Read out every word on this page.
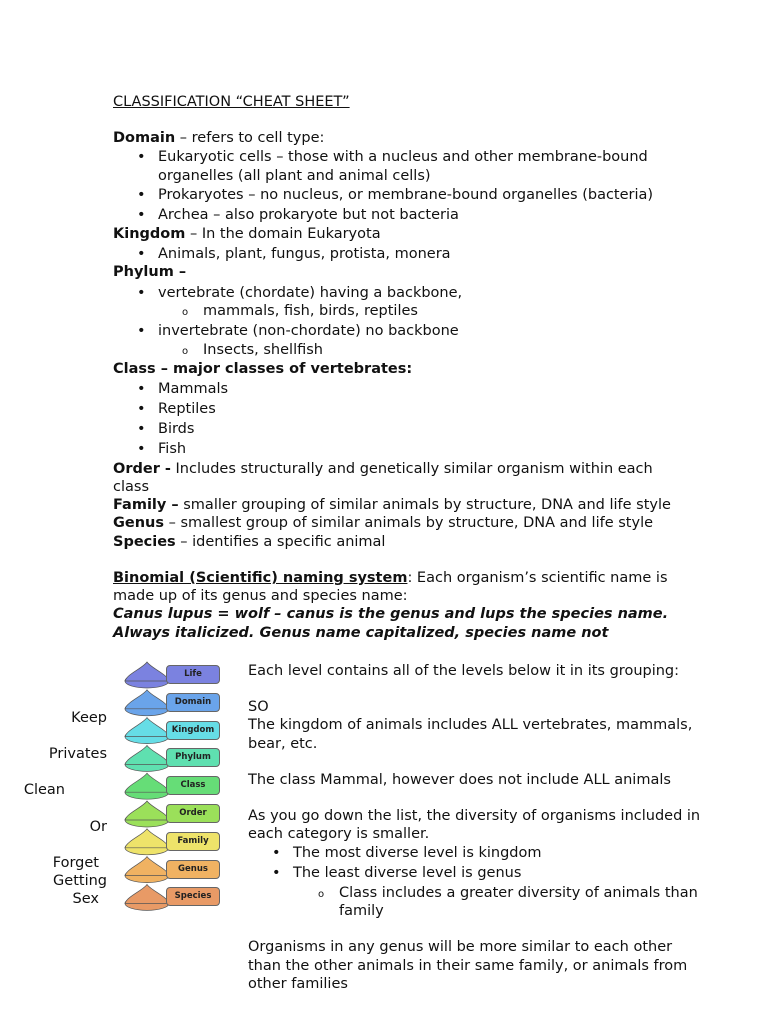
CLASSIFICATION “CHEAT SHEET”
Domain – refers to cell type:
Eukaryotic cells – those with a nucleus and other membrane-bound
organelles (all plant and animal cells)
Prokaryotes – no nucleus, or membrane-bound organelles (bacteria)
Archea – also prokaryote but not bacteria
Kingdom – In the domain Eukaryota
Animals, plant, fungus, protista, monera
Phylum –
vertebrate (chordate) having a backbone,
mammals, fish, birds, reptiles
invertebrate (non-chordate) no backbone
Insects, shellfish
Class – major classes of vertebrates:
Mammals
Reptiles
Birds
Fish
Order - Includes structurally and genetically similar organism within each
class
Family – smaller grouping of similar animals by structure, DNA and life style
Genus – smallest group of similar animals by structure, DNA and life style
Species – identifies a specific animal
Binomial (Scientific) naming system: Each organism’s scientific name is
made up of its genus and species name:
Canus lupus = wolf – canus is the genus and lups the species name.
Always italicized. Genus name capitalized, species name not
Keep
Privates
Clean
Or
Forget
Getting
Sex
Life
Domain
Kingdom
Phylum
Class
Order
Family
Genus
Species
Each level contains all of the levels below it in its grouping:
SO
The kingdom of animals includes ALL vertebrates, mammals,
bear, etc.
The class Mammal, however does not include ALL animals
As you go down the list, the diversity of organisms included in
each category is smaller.
The most diverse level is kingdom
The least diverse level is genus
Class includes a greater diversity of animals than
family
Organisms in any genus will be more similar to each other
than the other animals in their same family, or animals from
other families
